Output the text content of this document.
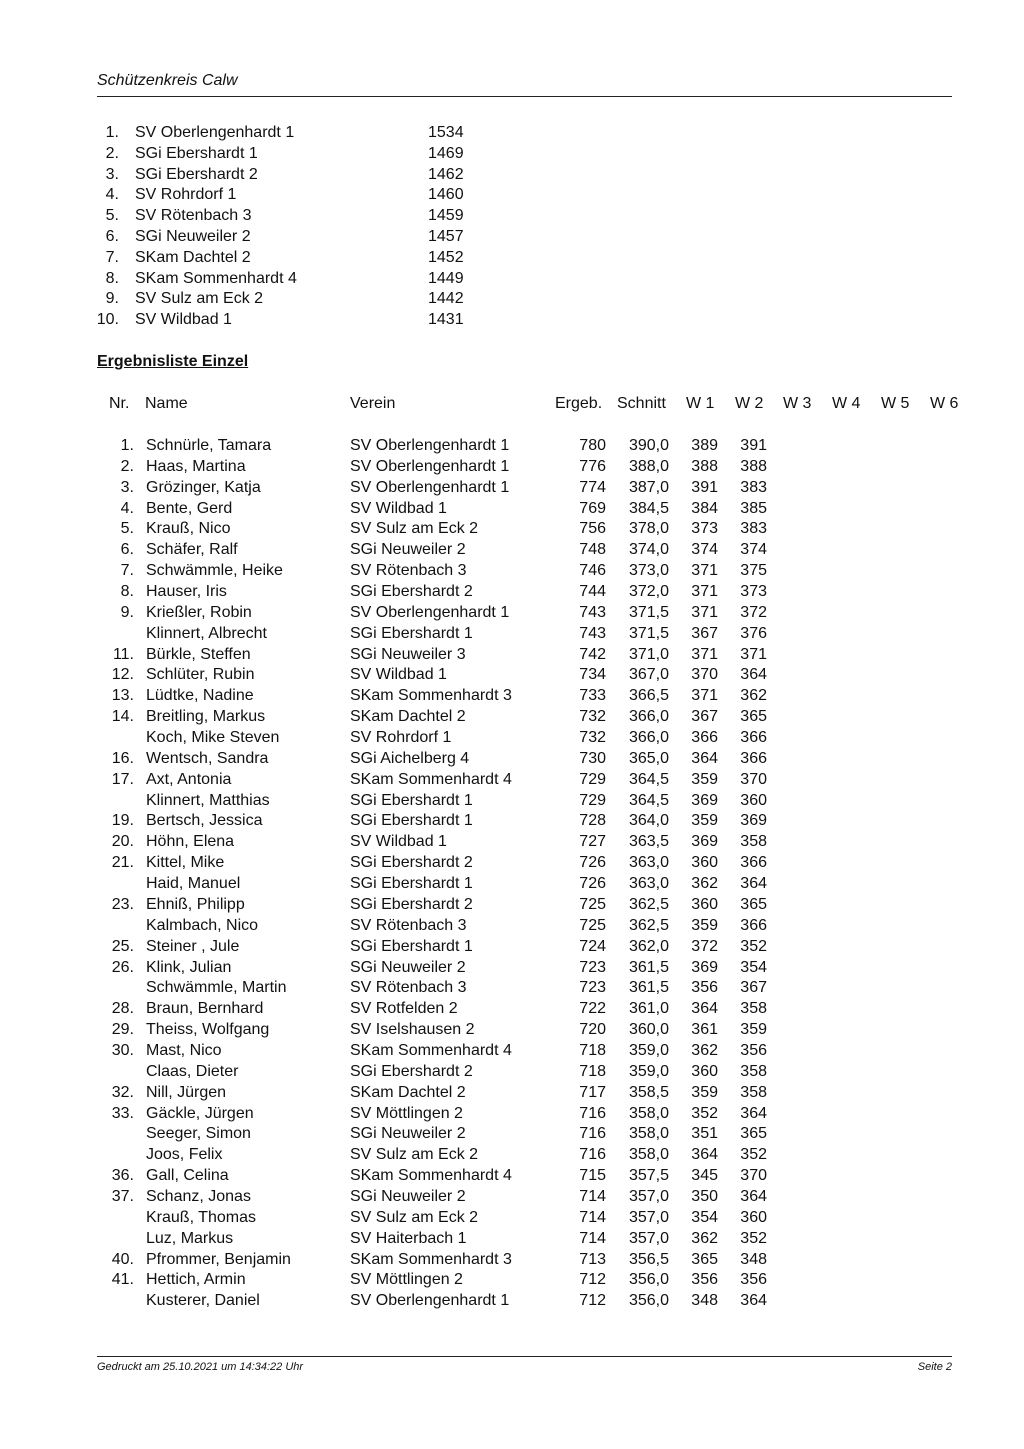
Schützenkreis Calw
1. SV Oberlengenhardt 1	1534
2. SGi Ebershardt 1	1469
3. SGi Ebershardt 2	1462
4. SV Rohrdorf 1	1460
5. SV Rötenbach 3	1459
6. SGi Neuweiler 2	1457
7. SKam Dachtel 2	1452
8. SKam Sommenhardt 4	1449
9. SV Sulz am Eck 2	1442
10. SV Wildbad 1	1431
Ergebnisliste Einzel
Nr. Name	Verein	Ergeb. Schnitt W 1 W 2 W 3 W 4 W 5 W 6
1. Schnürle, Tamara	SV Oberlengenhardt 1	780 390,0 389 391
2. Haas, Martina	SV Oberlengenhardt 1	776 388,0 388 388
3. Grözinger, Katja	SV Oberlengenhardt 1	774 387,0 391 383
4. Bente, Gerd	SV Wildbad 1	769 384,5 384 385
5. Krauß, Nico	SV Sulz am Eck 2	756 378,0 373 383
6. Schäfer, Ralf	SGi Neuweiler 2	748 374,0 374 374
7. Schwämmle, Heike	SV Rötenbach 3	746 373,0 371 375
8. Hauser, Iris	SGi Ebershardt 2	744 372,0 371 373
9. Krießler, Robin	SV Oberlengenhardt 1	743 371,5 371 372
Klinnert, Albrecht	SGi Ebershardt 1	743 371,5 367 376
11. Bürkle, Steffen	SGi Neuweiler 3	742 371,0 371 371
12. Schlüter, Rubin	SV Wildbad 1	734 367,0 370 364
13. Lüdtke, Nadine	SKam Sommenhardt 3	733 366,5 371 362
14. Breitling, Markus	SKam Dachtel 2	732 366,0 367 365
Koch, Mike Steven	SV Rohrdorf 1	732 366,0 366 366
16. Wentsch, Sandra	SGi Aichelberg 4	730 365,0 364 366
17. Axt, Antonia	SKam Sommenhardt 4	729 364,5 359 370
Klinnert, Matthias	SGi Ebershardt 1	729 364,5 369 360
19. Bertsch, Jessica	SGi Ebershardt 1	728 364,0 359 369
20. Höhn, Elena	SV Wildbad 1	727 363,5 369 358
21. Kittel, Mike	SGi Ebershardt 2	726 363,0 360 366
Haid, Manuel	SGi Ebershardt 1	726 363,0 362 364
23. Ehniß, Philipp	SGi Ebershardt 2	725 362,5 360 365
Kalmbach, Nico	SV Rötenbach 3	725 362,5 359 366
25. Steiner , Jule	SGi Ebershardt 1	724 362,0 372 352
26. Klink, Julian	SGi Neuweiler 2	723 361,5 369 354
Schwämmle, Martin	SV Rötenbach 3	723 361,5 356 367
28. Braun, Bernhard	SV Rotfelden 2	722 361,0 364 358
29. Theiss, Wolfgang	SV Iselshausen 2	720 360,0 361 359
30. Mast, Nico	SKam Sommenhardt 4	718 359,0 362 356
Claas, Dieter	SGi Ebershardt 2	718 359,0 360 358
32. Nill, Jürgen	SKam Dachtel 2	717 358,5 359 358
33. Gäckle, Jürgen	SV Möttlingen 2	716 358,0 352 364
Seeger, Simon	SGi Neuweiler 2	716 358,0 351 365
Joos, Felix	SV Sulz am Eck 2	716 358,0 364 352
36. Gall, Celina	SKam Sommenhardt 4	715 357,5 345 370
37. Schanz, Jonas	SGi Neuweiler 2	714 357,0 350 364
Krauß, Thomas	SV Sulz am Eck 2	714 357,0 354 360
Luz, Markus	SV Haiterbach 1	714 357,0 362 352
40. Pfrommer, Benjamin	SKam Sommenhardt 3	713 356,5 365 348
41. Hettich, Armin	SV Möttlingen 2	712 356,0 356 356
Kusterer, Daniel	SV Oberlengenhardt 1	712 356,0 348 364
Gedruckt am 25.10.2021 um 14:34:22 Uhr	Seite 2
